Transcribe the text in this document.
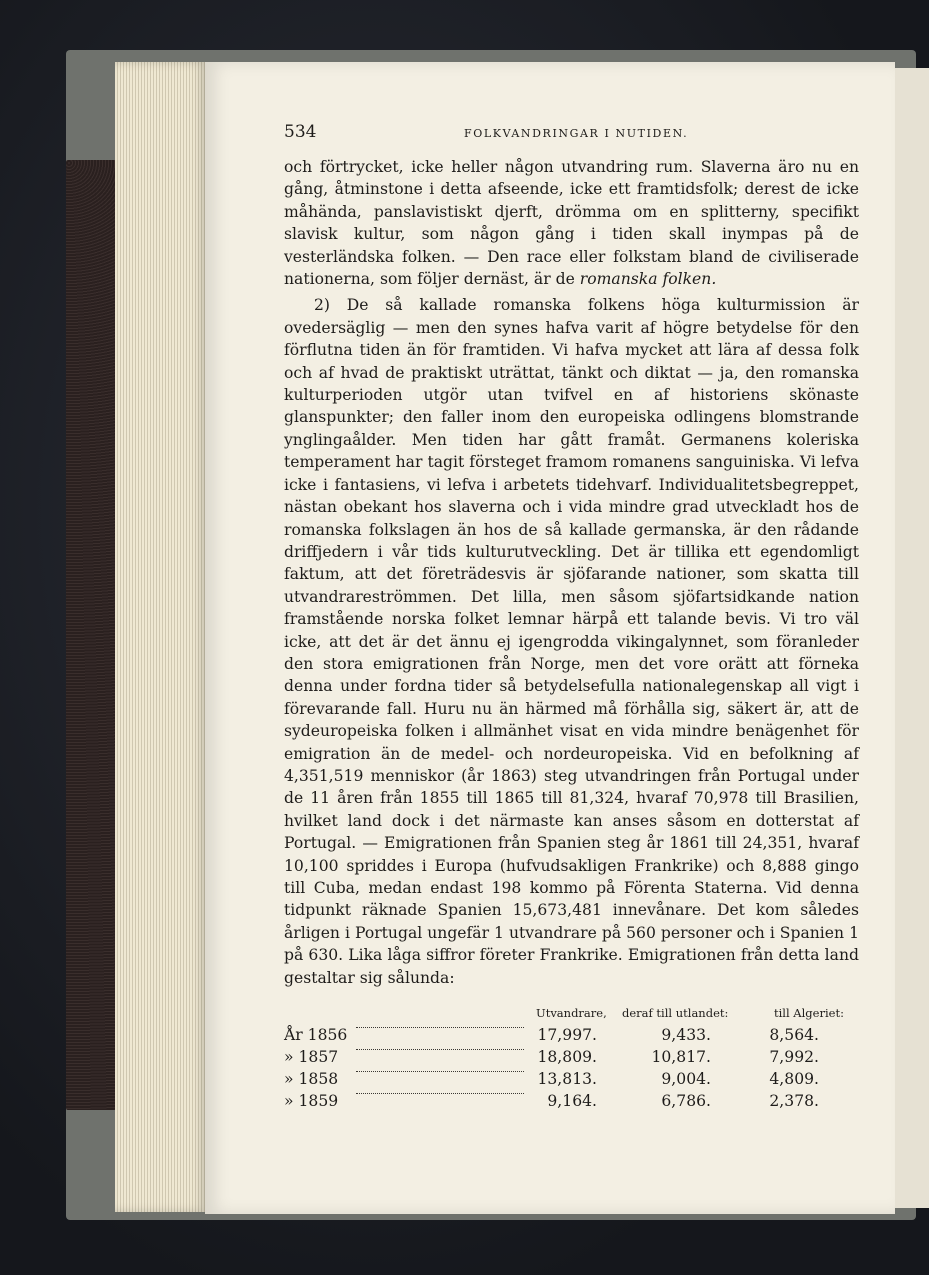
534	FOLKVANDRINGAR I NUTIDEN.

och förtrycket, icke heller någon utvandring rum. Slaverna äro nu en gång, åtminstone i detta afseende, icke ett framtidsfolk; derest de icke måhända, panslavistiskt djerft, drömma om en splitterny, specifikt slavisk kultur, som någon gång i tiden skall inympas på de vesterländska folken. — Den race eller folkstam bland de civiliserade nationerna, som följer dernäst, är de romanska folken.

2) De så kallade romanska folkens höga kulturmission är ovedersäglig — men den synes hafva varit af högre betydelse för den förflutna tiden än för framtiden. Vi hafva mycket att lära af dessa folk och af hvad de praktiskt uträttat, tänkt och diktat — ja, den romanska kulturperioden utgör utan tvifvel en af historiens skönaste glanspunkter; den faller inom den europeiska odlingens blomstrande ynglingaålder. Men tiden har gått framåt. Germanens koleriska temperament har tagit försteget framom romanens sanguiniska. Vi lefva icke i fantasiens, vi lefva i arbetets tidehvarf. Individualitetsbegreppet, nästan obekant hos slaverna och i vida mindre grad utveckladt hos de romanska folkslagen än hos de så kallade germanska, är den rådande driffjedern i vår tids kulturutveckling. Det är tillika ett egendomligt faktum, att det företrädesvis är sjöfarande nationer, som skatta till utvandrareströmmen. Det lilla, men såsom sjöfartsidkande nation framstående norska folket lemnar härpå ett talande bevis. Vi tro väl icke, att det är det ännu ej igengrodda vikingalynnet, som föranleder den stora emigrationen från Norge, men det vore orätt att förneka denna under fordna tider så betydelsefulla nationalegenskap all vigt i förevarande fall. Huru nu än härmed må förhålla sig, säkert är, att de sydeuropeiska folken i allmänhet visat en vida mindre benägenhet för emigration än de medel- och nordeuropeiska. Vid en befolkning af 4,351,519 menniskor (år 1863) steg utvandringen från Portugal under de 11 åren från 1855 till 1865 till 81,324, hvaraf 70,978 till Brasilien, hvilket land dock i det närmaste kan anses såsom en dotterstat af Portugal. — Emigrationen från Spanien steg år 1861 till 24,351, hvaraf 10,100 spriddes i Europa (hufvudsakligen Frankrike) och 8,888 gingo till Cuba, medan endast 198 kommo på Förenta Staterna. Vid denna tidpunkt räknade Spanien 15,673,481 innevånare. Det kom således årligen i Portugal ungefär 1 utvandrare på 560 personer och i Spanien 1 på 630. Lika låga siffror företer Frankrike. Emigrationen från detta land gestaltar sig sålunda:

Utvandrare, deraf till utlandet:	till Algeriet:
År 1856	17,997.	9,433.	8,564.
» 1857	18,809.	10,817.	7,992.
» 1858	13,813.	9,004.	4,809.
» 1859	9,164.	6,786.	2,378.
